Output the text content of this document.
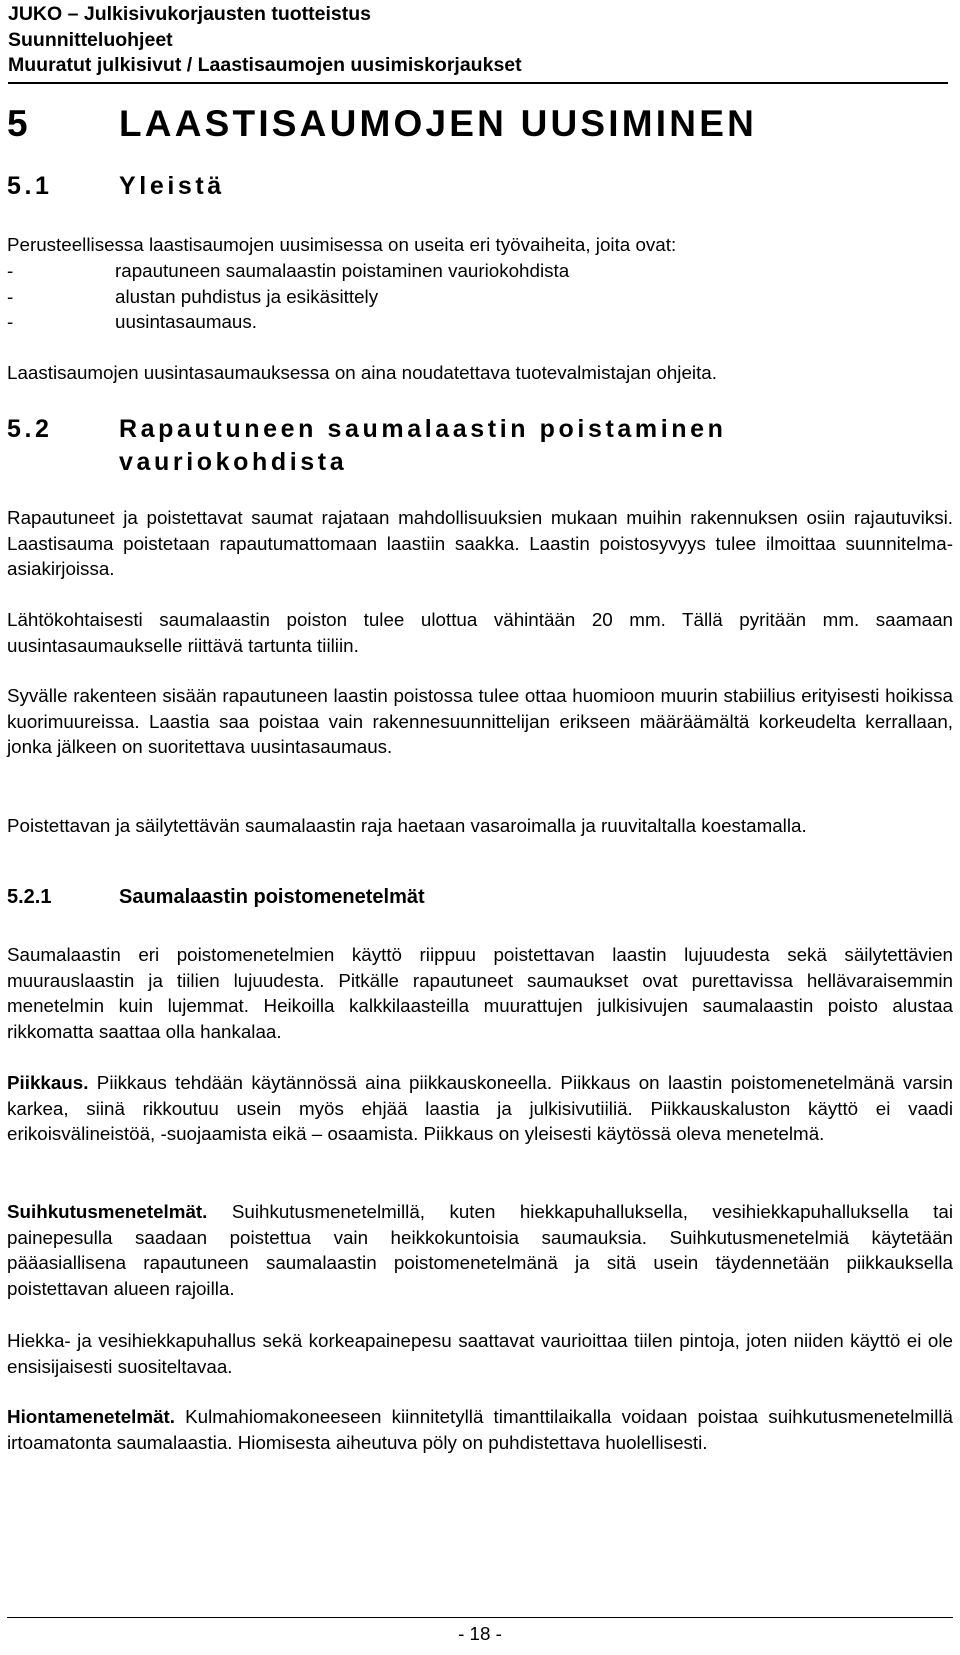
JUKO – Julkisivukorjausten tuotteistus
Suunnitteluohjeet
Muuratut julkisivut / Laastisaumojen uusimiskorjaukset
5 LAASTISAUMOJEN UUSIMINEN
5.1	Yleistä
Perusteellisessa laastisaumojen uusimisessa on useita eri työvaiheita, joita ovat:
-	rapautuneen saumalaastin poistaminen vauriokohdista
-	alustan puhdistus ja esikäsittely
-	uusintasaumaus.
Laastisaumojen uusintasaumauksessa on aina noudatettava tuotevalmistajan ohjeita.
5.2	Rapautuneen saumalaastin poistaminen
vauriokohdista
Rapautuneet ja poistettavat saumat rajataan mahdollisuuksien mukaan muihin rakennuksen osiin rajautuviksi. Laastisauma poistetaan rapautumattomaan laastiin saakka. Laastin poistosyvyys tulee ilmoittaa suunnitelma-asiakirjoissa.
Lähtökohtaisesti saumalaastin poiston tulee ulottua vähintään 20 mm. Tällä pyritään mm. saamaan uusintasaumaukselle riittävä tartunta tiiliin.
Syvälle rakenteen sisään rapautuneen laastin poistossa tulee ottaa huomioon muurin stabiilius erityisesti hoikissa kuorimuureissa. Laastia saa poistaa vain rakennesuunnittelijan erikseen määräämältä korkeudelta kerrallaan, jonka jälkeen on suoritettava uusintasaumaus.
Poistettavan ja säilytettävän saumalaastin raja haetaan vasaroimalla ja ruuvitaltalla koestamalla.
5.2.1	Saumalaastin poistomenetelmät
Saumalaastin eri poistomenetelmien käyttö riippuu poistettavan laastin lujuudesta sekä säilytettävien muurauslaastin ja tiilien lujuudesta. Pitkälle rapautuneet saumaukset ovat purettavissa hellävaraisemmin menetelmin kuin lujemmat. Heikoilla kalkkilaasteilla muurattujen julkisivujen saumalaastin poisto alustaa rikkomatta saattaa olla hankalaa.
Piikkaus. Piikkaus tehdään käytännössä aina piikkauskoneella. Piikkaus on laastin poistomenetelmänä varsin karkea, siinä rikkoutuu usein myös ehjää laastia ja julkisivutiiliä. Piikkauskaluston käyttö ei vaadi erikoisvälineistöä, -suojaamista eikä – osaamista. Piikkaus on yleisesti käytössä oleva menetelmä.
Suihkutusmenetelmät. Suihkutusmenetelmillä, kuten hiekkapuhalluksella, vesihiekkapuhalluksella tai painepesulla saadaan poistettua vain heikkokuntoisia saumauksia. Suihkutusmenetelmiä käytetään pääasiallisena rapautuneen saumalaastin poistomenetelmänä ja sitä usein täydennetään piikkauksella poistettavan alueen rajoilla.
Hiekka- ja vesihiekkapuhallus sekä korkeapainepesu saattavat vaurioittaa tiilen pintoja, joten niiden käyttö ei ole ensisijaisesti suositeltavaa.
Hiontamenetelmät. Kulmahiomakoneeseen kiinnitetyllä timanttilaikalla voidaan poistaa suihkutusmenetelmillä irtoamatonta saumalaastia. Hiomisesta aiheutuva pöly on puhdistettava huolellisesti.
- 18 -
